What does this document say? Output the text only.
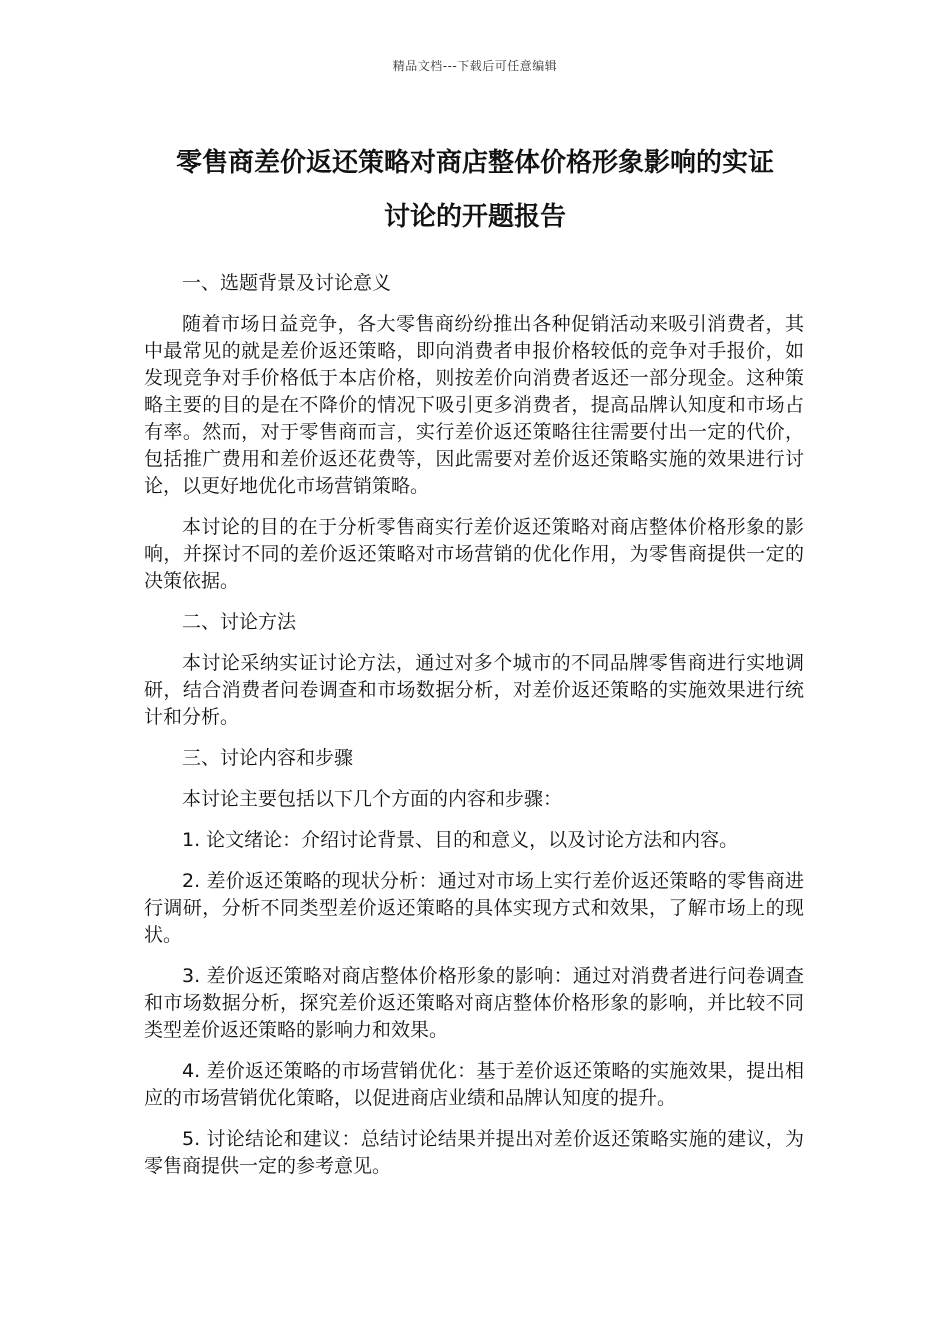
精品文档---下载后可任意编辑
零售商差价返还策略对商店整体价格形象影响的实证
讨论的开题报告

一、选题背景及讨论意义

随着市场日益竞争，各大零售商纷纷推出各种促销活动来吸引消费者，其中最常见的就是差价返还策略，即向消费者申报价格较低的竞争对手报价，如发现竞争对手价格低于本店价格，则按差价向消费者返还一部分现金。这种策略主要的目的是在不降价的情况下吸引更多消费者，提高品牌认知度和市场占有率。然而，对于零售商而言，实行差价返还策略往往需要付出一定的代价，包括推广费用和差价返还花费等，因此需要对差价返还策略实施的效果进行讨论，以更好地优化市场营销策略。

本讨论的目的在于分析零售商实行差价返还策略对商店整体价格形象的影响，并探讨不同的差价返还策略对市场营销的优化作用，为零售商提供一定的决策依据。

二、讨论方法

本讨论采纳实证讨论方法，通过对多个城市的不同品牌零售商进行实地调研，结合消费者问卷调查和市场数据分析，对差价返还策略的实施效果进行统计和分析。

三、讨论内容和步骤

本讨论主要包括以下几个方面的内容和步骤：

1. 论文绪论：介绍讨论背景、目的和意义，以及讨论方法和内容。

2. 差价返还策略的现状分析：通过对市场上实行差价返还策略的零售商进行调研，分析不同类型差价返还策略的具体实现方式和效果，了解市场上的现状。

3. 差价返还策略对商店整体价格形象的影响：通过对消费者进行问卷调查和市场数据分析，探究差价返还策略对商店整体价格形象的影响，并比较不同类型差价返还策略的影响力和效果。

4. 差价返还策略的市场营销优化：基于差价返还策略的实施效果，提出相应的市场营销优化策略，以促进商店业绩和品牌认知度的提升。

5. 讨论结论和建议：总结讨论结果并提出对差价返还策略实施的建议，为零售商提供一定的参考意见。
